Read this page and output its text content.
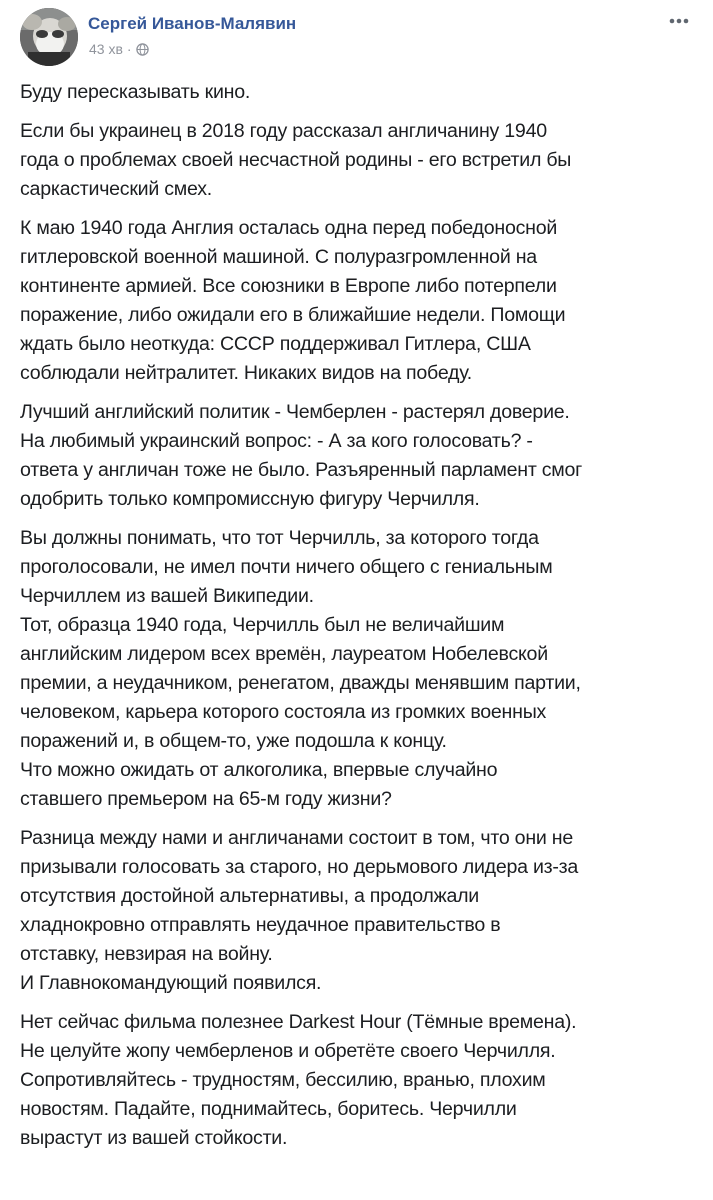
Сергей Иванов-Малявин
43 хв ·

Буду пересказывать кино.

Если бы украинец в 2018 году рассказал англичанину 1940
года о проблемах своей несчастной родины - его встретил бы
саркастический смех.

К маю 1940 года Англия осталась одна перед победоносной
гитлеровской военной машиной. С полуразгромленной на
континенте армией. Все союзники в Европе либо потерпели
поражение, либо ожидали его в ближайшие недели. Помощи
ждать было неоткуда: СССР поддерживал Гитлера, США
соблюдали нейтралитет. Никаких видов на победу.

Лучший английский политик - Чемберлен - растерял доверие.
На любимый украинский вопрос: - А за кого голосовать? -
ответа у англичан тоже не было. Разъяренный парламент смог
одобрить только компромиссную фигуру Черчилля.

Вы должны понимать, что тот Черчилль, за которого тогда
проголосовали, не имел почти ничего общего с гениальным
Черчиллем из вашей Википедии.
Тот, образца 1940 года, Черчилль был не величайшим
английским лидером всех времён, лауреатом Нобелевской
премии, а неудачником, ренегатом, дважды менявшим партии,
человеком, карьера которого состояла из громких военных
поражений и, в общем-то, уже подошла к концу.
Что можно ожидать от алкоголика, впервые случайно
ставшего премьером на 65-м году жизни?

Разница между нами и англичанами состоит в том, что они не
призывали голосовать за старого, но дерьмового лидера из-за
отсутствия достойной альтернативы, а продолжали
хладнокровно отправлять неудачное правительство в
отставку, невзирая на войну.
И Главнокомандующий появился.

Нет сейчас фильма полезнее Darkest Hour (Тёмные времена).
Не целуйте жопу чемберленов и обретёте своего Черчилля.
Сопротивляйтесь - трудностям, бессилию, вранью, плохим
новостям. Падайте, поднимайтесь, боритесь. Черчилли
вырастут из вашей стойкости.
